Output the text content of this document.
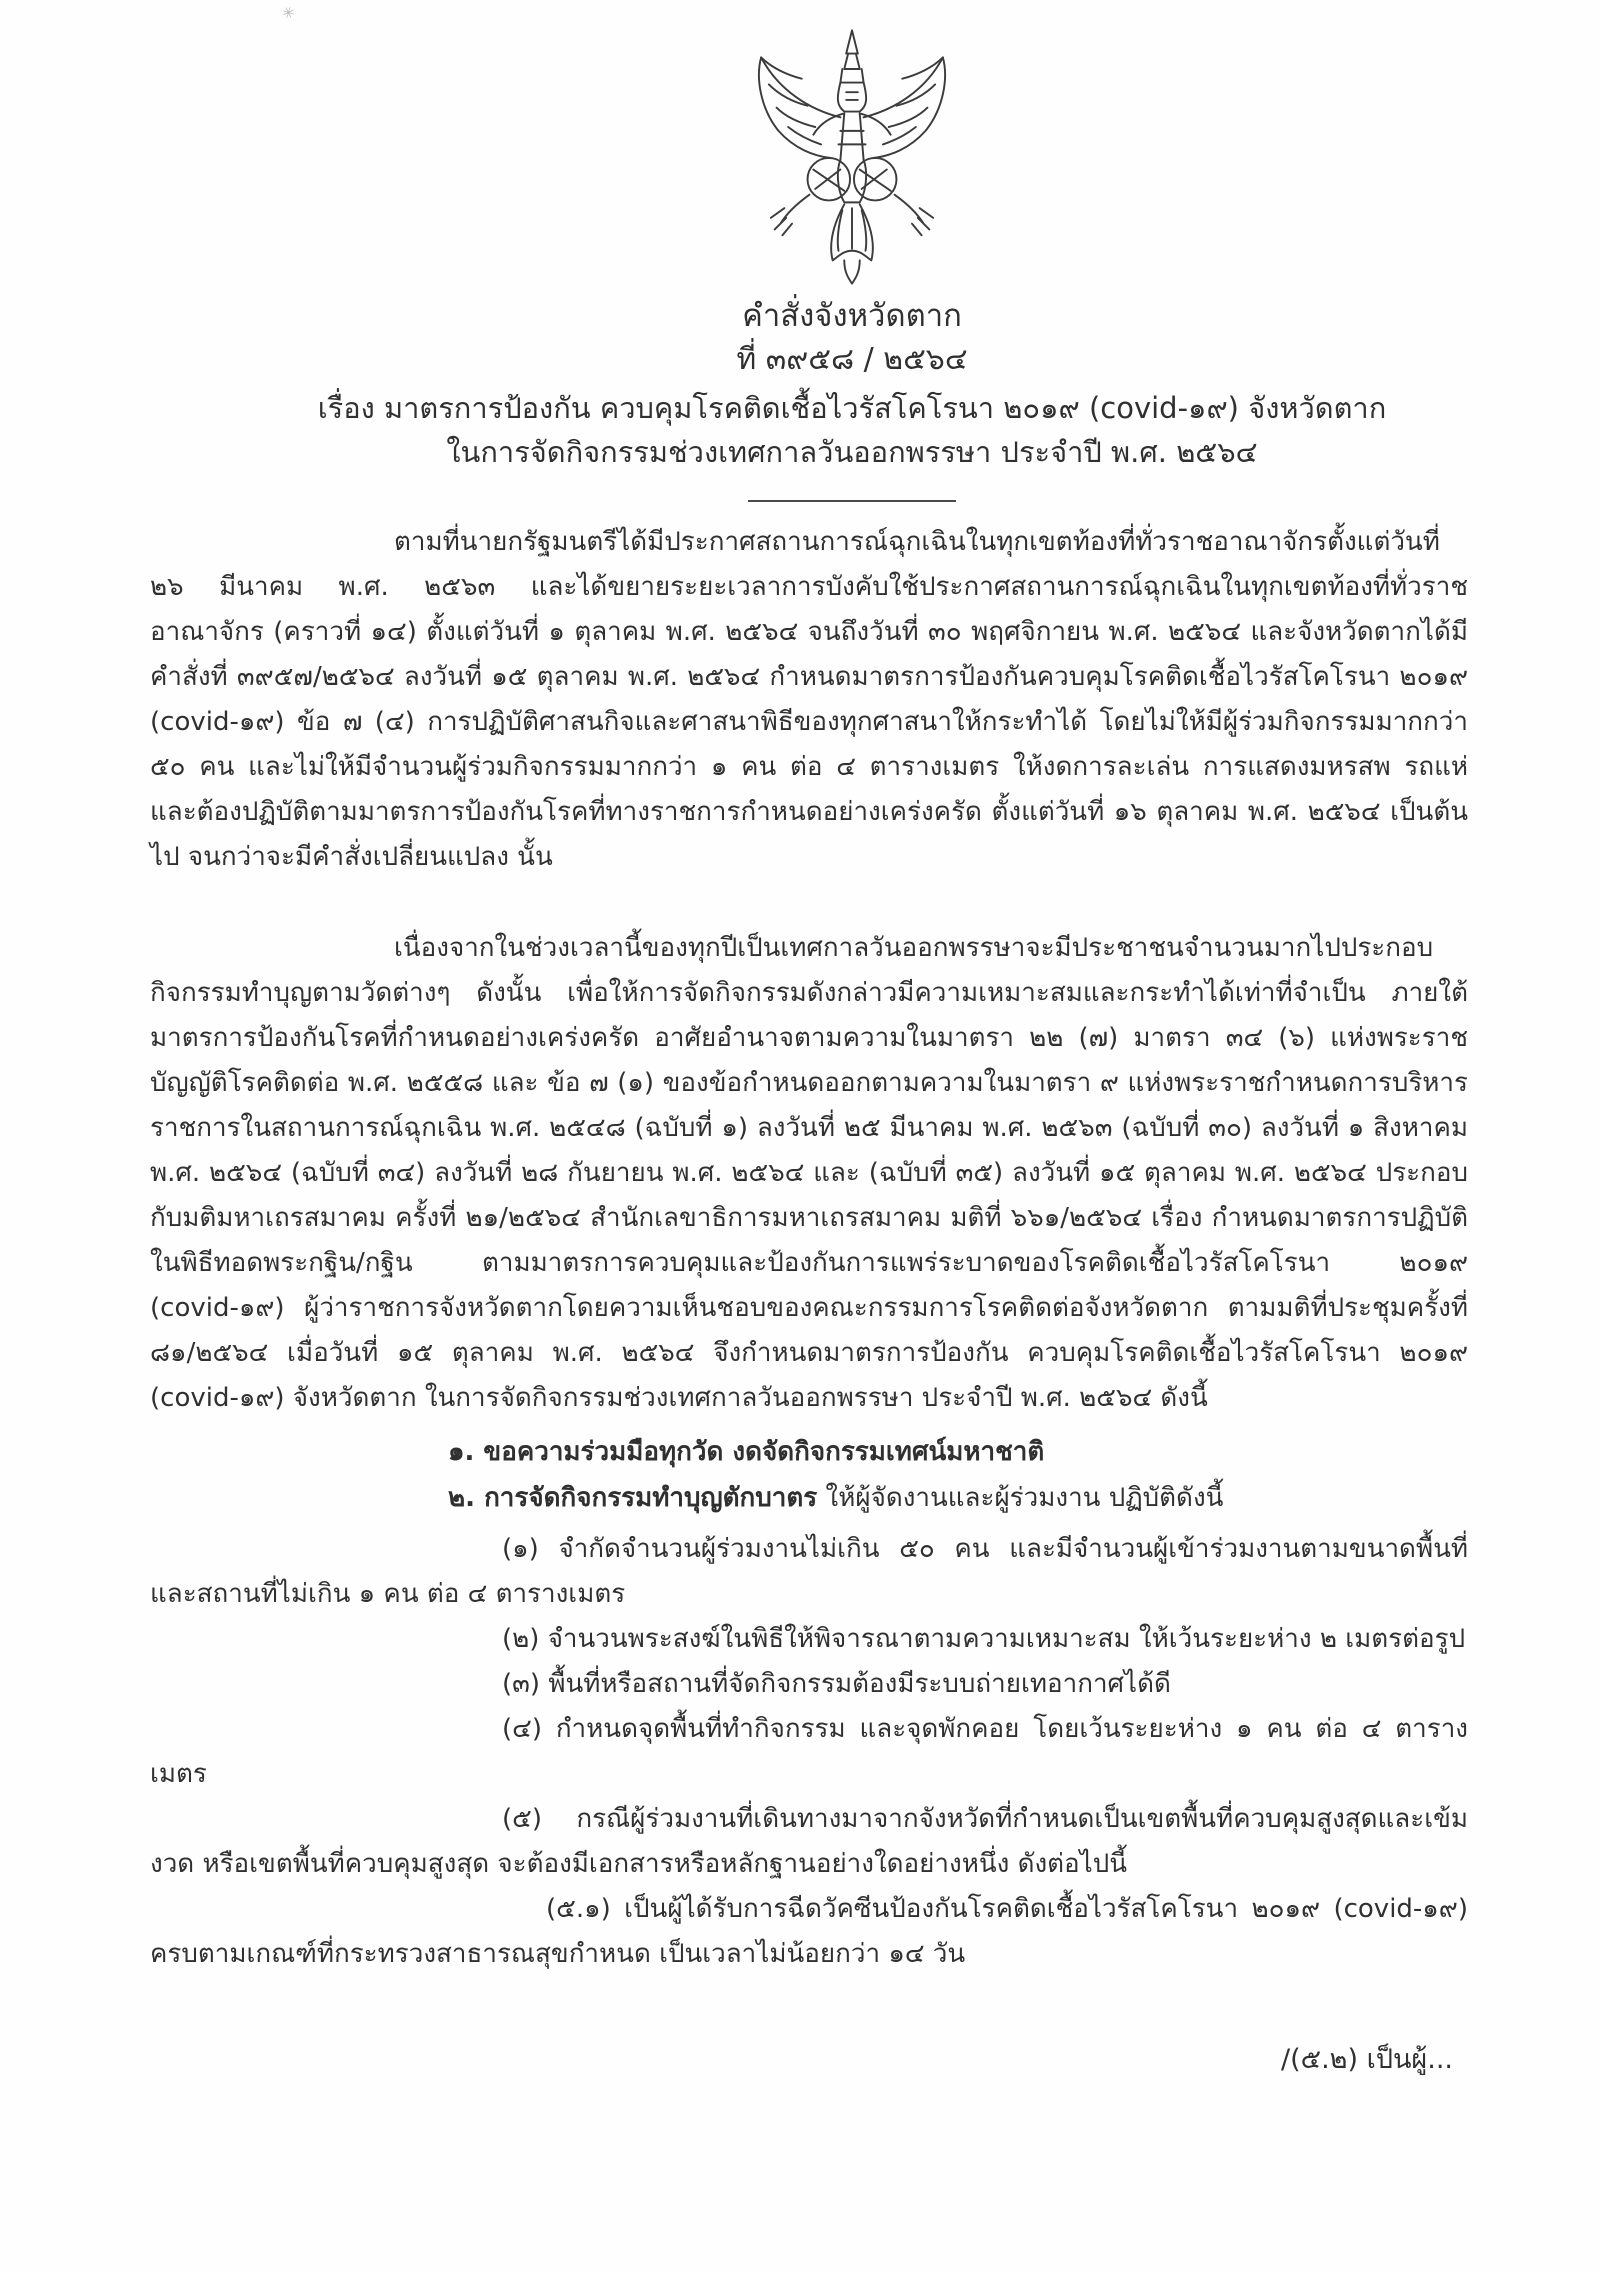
✳
คำสั่งจังหวัดตาก
ที่ ๓๙๕๘ / ๒๕๖๔
เรื่อง มาตรการป้องกัน ควบคุมโรคติดเชื้อไวรัสโคโรนา ๒๐๑๙ (covid-๑๙) จังหวัดตาก
ในการจัดกิจกรรมช่วงเทศกาลวันออกพรรษา ประจำปี พ.ศ. ๒๕๖๔
ตามที่นายกรัฐมนตรีได้มีประกาศสถานการณ์ฉุกเฉินในทุกเขตท้องที่ทั่วราชอาณาจักรตั้งแต่วันที่ ๒๖ มีนาคม พ.ศ. ๒๕๖๓ และได้ขยายระยะเวลาการบังคับใช้ประกาศสถานการณ์ฉุกเฉินในทุกเขตท้องที่ทั่วราชอาณาจักร (คราวที่ ๑๔) ตั้งแต่วันที่ ๑ ตุลาคม พ.ศ. ๒๕๖๔ จนถึงวันที่ ๓๐ พฤศจิกายน พ.ศ. ๒๕๖๔ และจังหวัดตากได้มีคำสั่งที่ ๓๙๕๗/๒๕๖๔ ลงวันที่ ๑๕ ตุลาคม พ.ศ. ๒๕๖๔ กำหนดมาตรการป้องกันควบคุมโรคติดเชื้อไวรัสโคโรนา ๒๐๑๙ (covid-๑๙) ข้อ ๗ (๔) การปฏิบัติศาสนกิจและศาสนาพิธีของทุกศาสนาให้กระทำได้ โดยไม่ให้มีผู้ร่วมกิจกรรมมากกว่า ๕๐ คน และไม่ให้มีจำนวนผู้ร่วมกิจกรรมมากกว่า ๑ คน ต่อ ๔ ตารางเมตร ให้งดการละเล่น การแสดงมหรสพ รถแห่ และต้องปฏิบัติตามมาตรการป้องกันโรคที่ทางราชการกำหนดอย่างเคร่งครัด ตั้งแต่วันที่ ๑๖ ตุลาคม พ.ศ. ๒๕๖๔ เป็นต้นไป จนกว่าจะมีคำสั่งเปลี่ยนแปลง นั้น
เนื่องจากในช่วงเวลานี้ของทุกปีเป็นเทศกาลวันออกพรรษาจะมีประชาชนจำนวนมากไปประกอบกิจกรรมทำบุญตามวัดต่างๆ ดังนั้น เพื่อให้การจัดกิจกรรมดังกล่าวมีความเหมาะสมและกระทำได้เท่าที่จำเป็น ภายใต้มาตรการป้องกันโรคที่กำหนดอย่างเคร่งครัด อาศัยอำนาจตามความในมาตรา ๒๒ (๗) มาตรา ๓๔ (๖) แห่งพระราชบัญญัติโรคติดต่อ พ.ศ. ๒๕๕๘ และ ข้อ ๗ (๑) ของข้อกำหนดออกตามความในมาตรา ๙ แห่งพระราชกำหนดการบริหารราชการในสถานการณ์ฉุกเฉิน พ.ศ. ๒๕๔๘ (ฉบับที่ ๑) ลงวันที่ ๒๕ มีนาคม พ.ศ. ๒๕๖๓ (ฉบับที่ ๓๐) ลงวันที่ ๑ สิงหาคม พ.ศ. ๒๕๖๔ (ฉบับที่ ๓๔) ลงวันที่ ๒๘ กันยายน พ.ศ. ๒๕๖๔ และ (ฉบับที่ ๓๕) ลงวันที่ ๑๕ ตุลาคม พ.ศ. ๒๕๖๔ ประกอบกับมติมหาเถรสมาคม ครั้งที่ ๒๑/๒๕๖๔ สำนักเลขาธิการมหาเถรสมาคม มติที่ ๖๖๑/๒๕๖๔ เรื่อง กำหนดมาตรการปฏิบัติในพิธีทอดพระกฐิน/กฐิน ตามมาตรการควบคุมและป้องกันการแพร่ระบาดของโรคติดเชื้อไวรัสโคโรนา ๒๐๑๙ (covid-๑๙) ผู้ว่าราชการจังหวัดตากโดยความเห็นชอบของคณะกรรมการโรคติดต่อจังหวัดตาก ตามมติที่ประชุมครั้งที่ ๘๑/๒๕๖๔ เมื่อวันที่ ๑๕ ตุลาคม พ.ศ. ๒๕๖๔ จึงกำหนดมาตรการป้องกัน ควบคุมโรคติดเชื้อไวรัสโคโรนา ๒๐๑๙ (covid-๑๙) จังหวัดตาก ในการจัดกิจกรรมช่วงเทศกาลวันออกพรรษา ประจำปี พ.ศ. ๒๕๖๔ ดังนี้
๑. ขอความร่วมมือทุกวัด งดจัดกิจกรรมเทศน์มหาชาติ
๒. การจัดกิจกรรมทำบุญตักบาตร ให้ผู้จัดงานและผู้ร่วมงาน ปฏิบัติดังนี้
(๑) จำกัดจำนวนผู้ร่วมงานไม่เกิน ๕๐ คน และมีจำนวนผู้เข้าร่วมงานตามขนาดพื้นที่และสถานที่ไม่เกิน ๑ คน ต่อ ๔ ตารางเมตร
(๒) จำนวนพระสงฆ์ในพิธีให้พิจารณาตามความเหมาะสม ให้เว้นระยะห่าง ๒ เมตรต่อรูป
(๓) พื้นที่หรือสถานที่จัดกิจกรรมต้องมีระบบถ่ายเทอากาศได้ดี
(๔) กำหนดจุดพื้นที่ทำกิจกรรม และจุดพักคอย โดยเว้นระยะห่าง ๑ คน ต่อ ๔ ตารางเมตร
(๕) กรณีผู้ร่วมงานที่เดินทางมาจากจังหวัดที่กำหนดเป็นเขตพื้นที่ควบคุมสูงสุดและเข้มงวด หรือเขตพื้นที่ควบคุมสูงสุด จะต้องมีเอกสารหรือหลักฐานอย่างใดอย่างหนึ่ง ดังต่อไปนี้
(๕.๑) เป็นผู้ได้รับการฉีดวัคซีนป้องกันโรคติดเชื้อไวรัสโคโรนา ๒๐๑๙ (covid-๑๙) ครบตามเกณฑ์ที่กระทรวงสาธารณสุขกำหนด เป็นเวลาไม่น้อยกว่า ๑๔ วัน
/(๕.๒) เป็นผู้...
